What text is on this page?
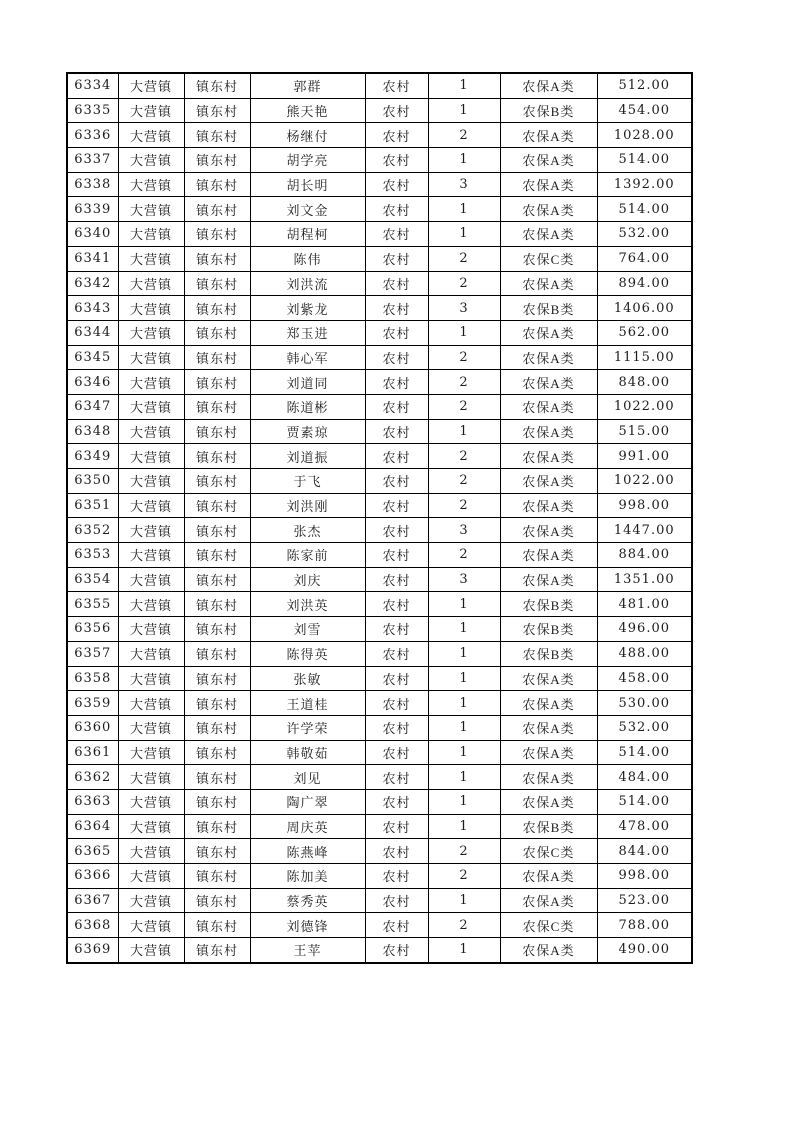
6334	大营镇	镇东村	郭群	农村	1	农保A类	512.00
6335	大营镇	镇东村	熊天艳	农村	1	农保B类	454.00
6336	大营镇	镇东村	杨继付	农村	2	农保A类	1028.00
6337	大营镇	镇东村	胡学亮	农村	1	农保A类	514.00
6338	大营镇	镇东村	胡长明	农村	3	农保A类	1392.00
6339	大营镇	镇东村	刘文金	农村	1	农保A类	514.00
6340	大营镇	镇东村	胡程柯	农村	1	农保A类	532.00
6341	大营镇	镇东村	陈伟	农村	2	农保C类	764.00
6342	大营镇	镇东村	刘洪流	农村	2	农保A类	894.00
6343	大营镇	镇东村	刘紫龙	农村	3	农保B类	1406.00
6344	大营镇	镇东村	郑玉进	农村	1	农保A类	562.00
6345	大营镇	镇东村	韩心军	农村	2	农保A类	1115.00
6346	大营镇	镇东村	刘道同	农村	2	农保A类	848.00
6347	大营镇	镇东村	陈道彬	农村	2	农保A类	1022.00
6348	大营镇	镇东村	贾素琼	农村	1	农保A类	515.00
6349	大营镇	镇东村	刘道振	农村	2	农保A类	991.00
6350	大营镇	镇东村	于飞	农村	2	农保A类	1022.00
6351	大营镇	镇东村	刘洪刚	农村	2	农保A类	998.00
6352	大营镇	镇东村	张杰	农村	3	农保A类	1447.00
6353	大营镇	镇东村	陈家前	农村	2	农保A类	884.00
6354	大营镇	镇东村	刘庆	农村	3	农保A类	1351.00
6355	大营镇	镇东村	刘洪英	农村	1	农保B类	481.00
6356	大营镇	镇东村	刘雪	农村	1	农保B类	496.00
6357	大营镇	镇东村	陈得英	农村	1	农保B类	488.00
6358	大营镇	镇东村	张敏	农村	1	农保A类	458.00
6359	大营镇	镇东村	王道桂	农村	1	农保A类	530.00
6360	大营镇	镇东村	许学荣	农村	1	农保A类	532.00
6361	大营镇	镇东村	韩敬茹	农村	1	农保A类	514.00
6362	大营镇	镇东村	刘见	农村	1	农保A类	484.00
6363	大营镇	镇东村	陶广翠	农村	1	农保A类	514.00
6364	大营镇	镇东村	周庆英	农村	1	农保B类	478.00
6365	大营镇	镇东村	陈燕峰	农村	2	农保C类	844.00
6366	大营镇	镇东村	陈加美	农村	2	农保A类	998.00
6367	大营镇	镇东村	蔡秀英	农村	1	农保A类	523.00
6368	大营镇	镇东村	刘德锋	农村	2	农保C类	788.00
6369	大营镇	镇东村	王苹	农村	1	农保A类	490.00
